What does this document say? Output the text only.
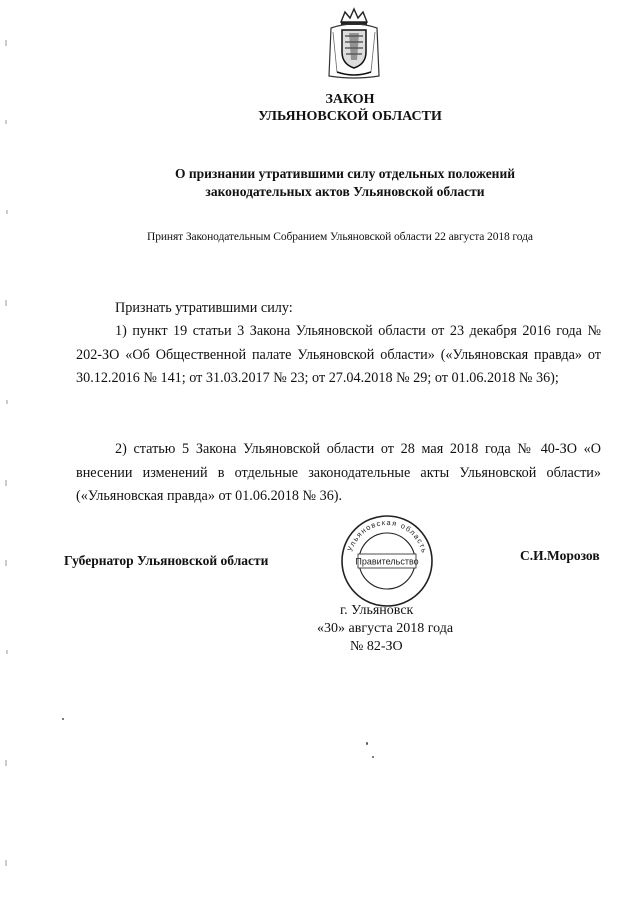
ЗАКОН
УЛЬЯНОВСКОЙ ОБЛАСТИ
О признании утратившими силу отдельных положений
законодательных актов Ульяновской области
Принят Законодательным Собранием Ульяновской области 22 августа 2018 года
Признать утратившими силу:
1) пункт 19 статьи 3 Закона Ульяновской области от 23 декабря 2016 года № 202-ЗО «Об Общественной палате Ульяновской области» («Ульяновская правда» от 30.12.2016 № 141; от 31.03.2017 № 23; от 27.04.2018 № 29; от 01.06.2018 № 36);
2) статью 5 Закона Ульяновской области от 28 мая 2018 года № 40-ЗО «О внесении изменений в отдельные законодательные акты Ульяновской области» («Ульяновская правда» от 01.06.2018 № 36).
Губернатор Ульяновской области	С.И.Морозов
Ульяновская область
Правительство
г. Ульяновск
«30» августа 2018 года
№ 82-ЗО
